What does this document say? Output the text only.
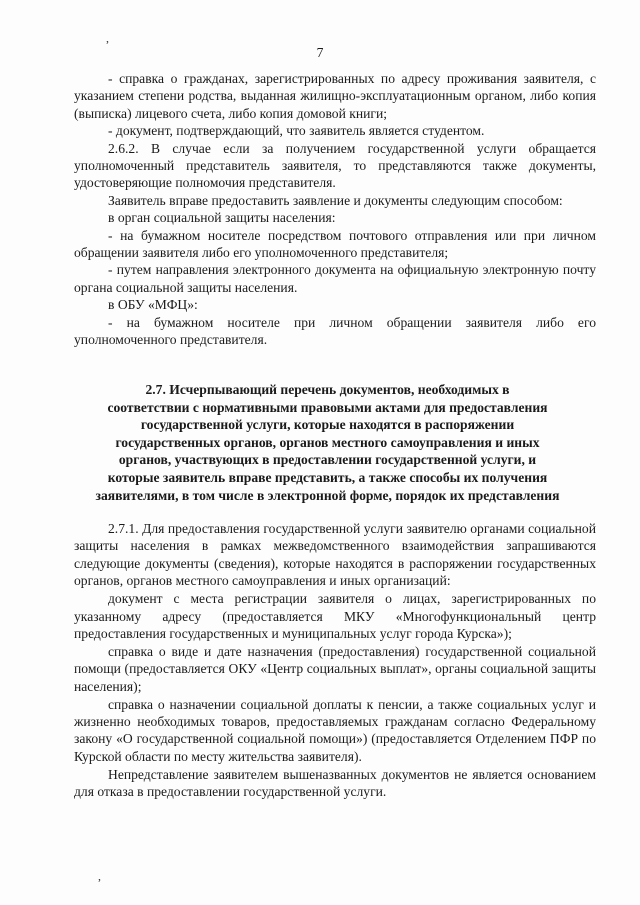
,
,
7

- справка о гражданах, зарегистрированных по адресу проживания заявителя, с указанием степени родства, выданная жилищно-эксплуатационным органом, либо копия (выписка) лицевого счета, либо копия домовой книги;

- документ, подтверждающий, что заявитель является студентом.

2.6.2. В случае если за получением государственной услуги обращается уполномоченный представитель заявителя, то представляются также документы, удостоверяющие полномочия представителя.

Заявитель вправе предоставить заявление и документы следующим способом:

в орган социальной защиты населения:

- на бумажном носителе посредством почтового отправления или при личном обращении заявителя либо его уполномоченного представителя;

- путем направления электронного документа на официальную электронную почту органа социальной защиты населения.

в ОБУ «МФЦ»:

- на бумажном носителе при личном обращении заявителя либо его уполномоченного представителя.

2.7. Исчерпывающий перечень документов, необходимых в

соответствии с нормативными правовыми актами для предоставления

государственной услуги, которые находятся в распоряжении

государственных органов, органов местного самоуправления и иных

органов, участвующих в предоставлении государственной услуги, и

которые заявитель вправе представить, а также способы их получения

заявителями, в том числе в электронной форме, порядок их представления

2.7.1. Для предоставления государственной услуги заявителю органами социальной защиты населения в рамках межведомственного взаимодействия запрашиваются следующие документы (сведения), которые находятся в распоряжении государственных органов, органов местного самоуправления и иных организаций:

документ с места регистрации заявителя о лицах, зарегистрированных по указанному адресу (предоставляется МКУ «Многофункциональный центр предоставления государственных и муниципальных услуг города Курска»);

справка о виде и дате назначения (предоставления) государственной социальной помощи (предоставляется ОКУ «Центр социальных выплат», органы социальной защиты населения);

справка о назначении социальной доплаты к пенсии, а также социальных услуг и жизненно необходимых товаров, предоставляемых гражданам согласно Федеральному закону «О государственной социальной помощи») (предоставляется Отделением ПФР по Курской области по месту жительства заявителя).

Непредставление заявителем вышеназванных документов не является основанием для отказа в предоставлении государственной услуги.
